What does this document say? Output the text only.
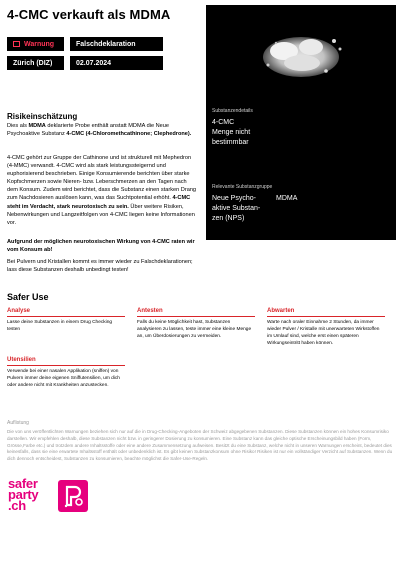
4-CMC verkauft als MDMA
Warnung	Falschdeklaration
Zürich (DIZ)	02.07.2024
Substanzendetails
4-CMC
Menge nicht
bestimmbar
Relevante Substanzgruppe
Neue Psycho-
aktive Substan-
zen (NPS)
MDMA
Risikeinschätzung
Dies als MDMA deklarierte Probe enthält anstatt MDMA die Neue Psychoaktive Substanz 4-CMC (4-Chloromethcathinone; Clephedrone).
4-CMC gehört zur Gruppe der Cathinone und ist strukturell mit Mephedron (4-MMC) verwandt. 4-CMC wird als stark leistungssteigernd und euphorisierend beschrieben. Einige Konsumierende berichten über starke Kopfschmerzen sowie Nieren- bzw. Leberschmerzen an den Tagen nach dem Konsum. Zudem wird berichtet, dass die Substanz einen starken Drang zum Nachdosieren auslösen kann, was das Suchtpotential erhöht. 4-CMC steht im Verdacht, stark neurotoxisch zu sein. Über weitere Risiken, Nebenwirkungen und Langzeitfolgen von 4-CMC liegen keine Informationen vor.
Aufgrund der möglichen neurotoxischen Wirkung von 4-CMC raten wir vom Konsum ab!
Bei Pulvern und Kristallen kommt es immer wieder zu Falschdeklarationen; lass diese Substanzen deshalb unbedingt testen!
Safer Use
Analyse
Lasse deine Substanzen in einem Drug Checking testen
Antesten
Falls du keine Möglichkeit hast, Substanzen analysieren zu lassen, teste immer eine kleine Menge an, um Überdosierungen zu vermeiden.
Abwarten
Warte nach oraler Einnahme 2 Stunden, da immer wieder Pulver / Kristalle mit unerwarteten Wirkstoffen im Umlauf sind, welche erst einen späteren Wirkungseintritt haben können.
Utensilien
Verwende bei einer nasalen Applikation (sniffen) von Pulvern immer deine eigenen Sniffutensilien, um dich oder andere nicht mit Krankheiten anzustecken.
Auflistung
Die von uns veröffentlichten Warnungen beziehen sich nur auf die in Drug-Checking-Angeboten der Schweiz abgegebenen Substanzen. Diese Substanzen können ein hohes Konsumrisiko darstellen. Wir empfehlen deshalb, diese Substanzen nicht bzw. in geringerer Dosierung zu konsumieren. Eine Substanz kann das gleiche optische Erscheinungsbild haben (Form, Grösse,Farbe etc.) und trotzdem andere Inhaltsstoffe oder eine andere Zusammensetzung aufweisen. Besitzt du eine Substanz, welche nicht in unseren Warnungen erscheint, bedeutet dies keinesfalls, dass sie eine erwartete Inhaltsstoff enthält oder unbedenklich ist. Es gibt keinen Substanzkonsum ohne Risiko! Risiken ist nur ein vollständiger Verzicht auf Substanzen. Wenn du dich dennoch entscheidest, Substanzen zu konsumieren, beachte möglichst die Safer-Use-Regeln.
safer
party
.ch
